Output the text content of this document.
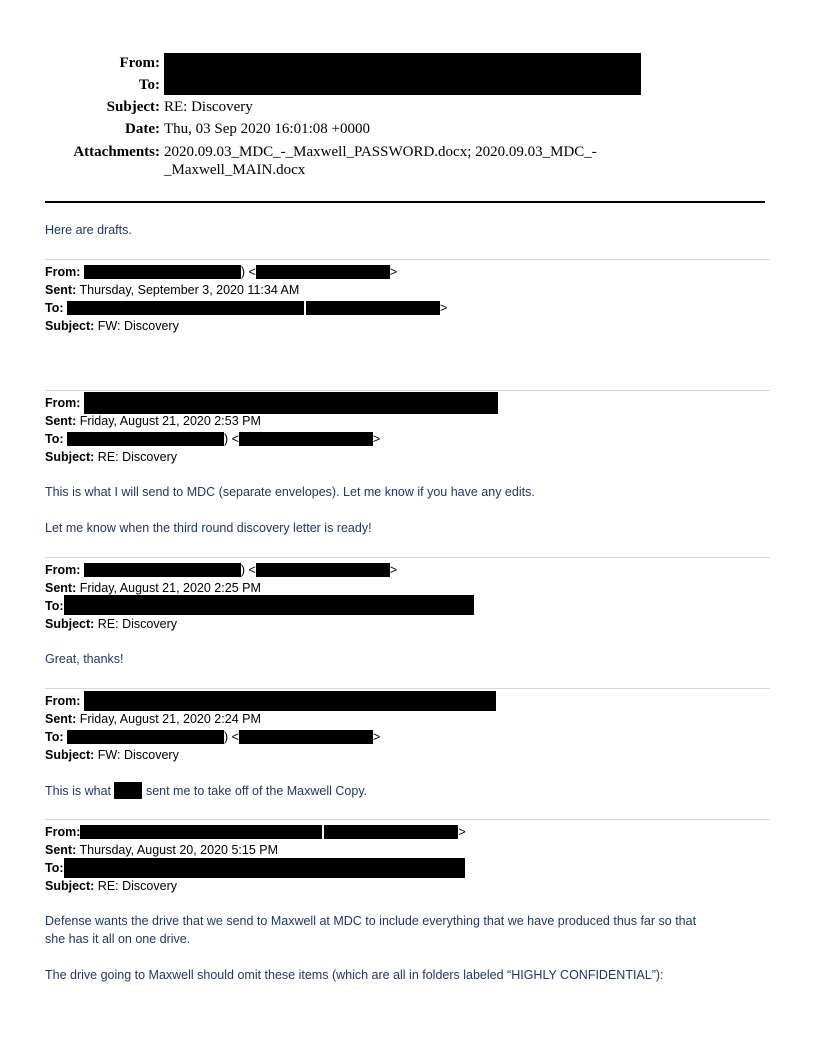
From:
To:
Subject: RE: Discovery
Date: Thu, 03 Sep 2020 16:01:08 +0000
Attachments: 2020.09.03_MDC_-_Maxwell_PASSWORD.docx; 2020.09.03_MDC_-
_Maxwell_MAIN.docx
Here are drafts.
From:	) <	>
Sent: Thursday, September 3, 2020 11:34 AM
To:	>
Subject: FW: Discovery
From:
Sent: Friday, August 21, 2020 2:53 PM
To:	) <	>
Subject: RE: Discovery
This is what I will send to MDC (separate envelopes). Let me know if you have any edits.
Let me know when the third round discovery letter is ready!
From:	) <	>
Sent: Friday, August 21, 2020 2:25 PM
To:
Subject: RE: Discovery
Great, thanks!
From:
Sent: Friday, August 21, 2020 2:24 PM
To:	) <	>
Subject: FW: Discovery
This is what  sent me to take off of the Maxwell Copy.
From:	>
Sent: Thursday, August 20, 2020 5:15 PM
To:
Subject: RE: Discovery
Defense wants the drive that we send to Maxwell at MDC to include everything that we have produced thus far so that
she has it all on one drive.
The drive going to Maxwell should omit these items (which are all in folders labeled “HIGHLY CONFIDENTIAL”):
